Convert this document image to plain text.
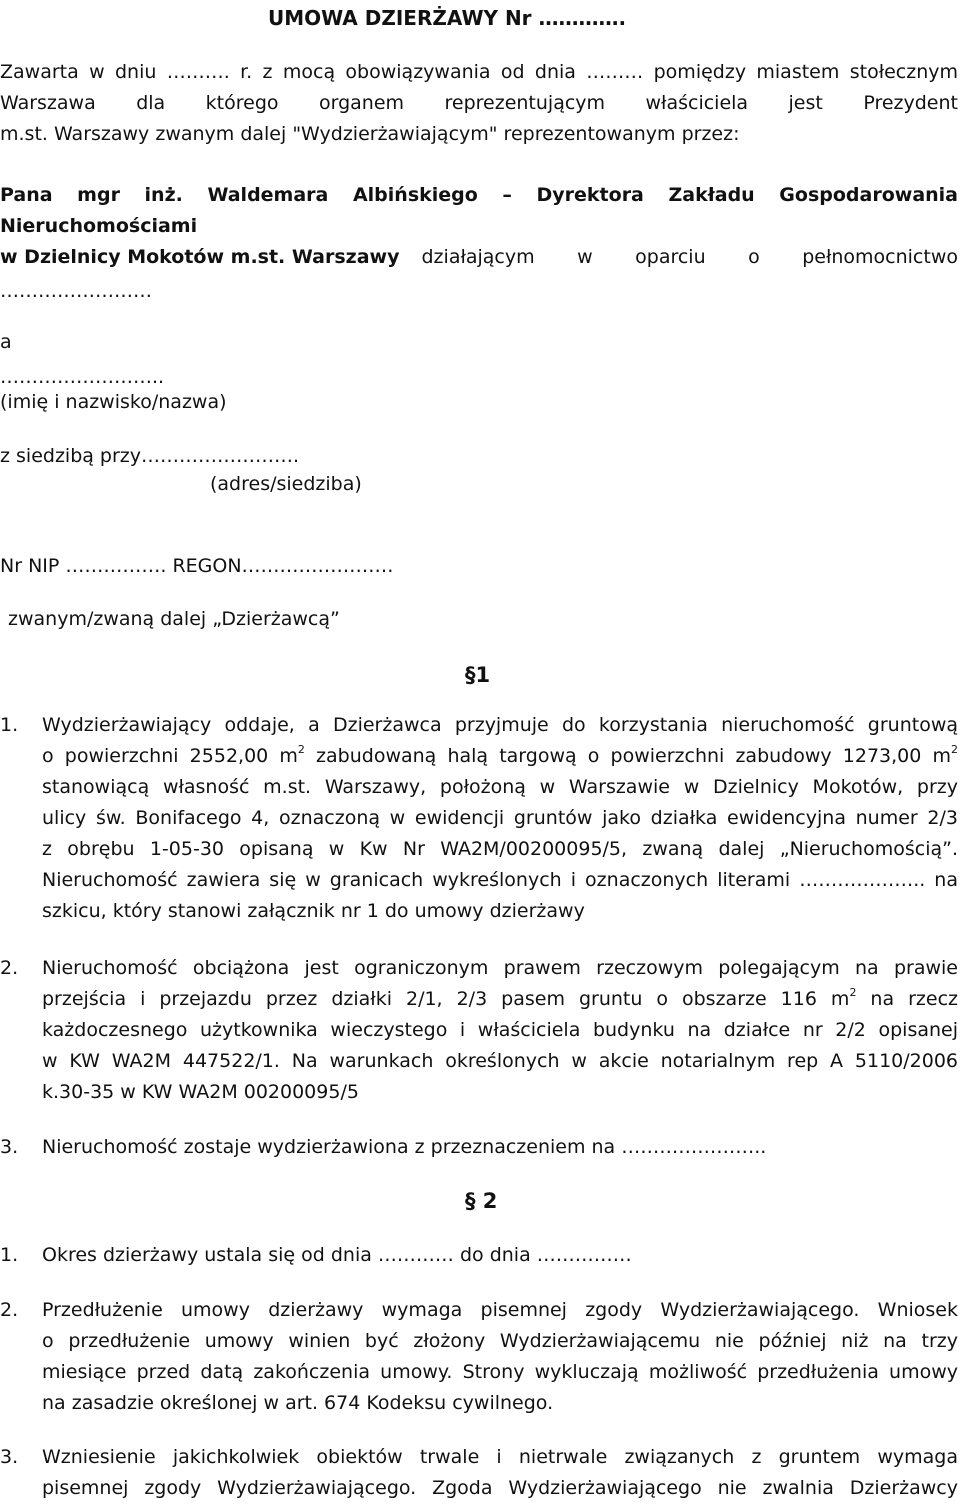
UMOWA DZIERŻAWY Nr ………….
Zawarta w dniu ………. r. z mocą obowiązywania od dnia ……… pomiędzy miastem stołecznym
Warszawa dla którego organem reprezentującym właściciela jest Prezydent
m.st. Warszawy zwanym dalej "Wydzierżawiającym" reprezentowanym przez:
Pana mgr inż. Waldemara Albińskiego – Dyrektora Zakładu Gospodarowania
Nieruchomościami
w Dzielnicy Mokotów m.st. Warszawy działającym w oparciu o pełnomocnictwo
……………………
a
……………………..
(imię i nazwisko/nazwa)
z siedzibą przy…………………….
(adres/siedziba)
Nr NIP ……………. REGON……………………
zwanym/zwaną dalej „Dzierżawcą”
§1
1. Wydzierżawiający oddaje, a Dzierżawca przyjmuje do korzystania nieruchomość gruntową
o powierzchni 2552,00 $m^2$ zabudowaną halą targową o powierzchni zabudowy 1273,00 $m^2$
stanowiącą własność m.st. Warszawy, położoną w Warszawie w Dzielnicy Mokotów, przy
ulicy św. Bonifacego 4, oznaczoną w ewidencji gruntów jako działka ewidencyjna numer 2/3
z obrębu 1-05-30 opisaną w Kw Nr WA2M/00200095/5, zwaną dalej „Nieruchomością”.
Nieruchomość zawiera się w granicach wykreślonych i oznaczonych literami ……………….. na
szkicu, który stanowi załącznik nr 1 do umowy dzierżawy
2. Nieruchomość obciążona jest ograniczonym prawem rzeczowym polegającym na prawie
przejścia i przejazdu przez działki 2/1, 2/3 pasem gruntu o obszarze 116 $m^2$ na rzecz
każdoczesnego użytkownika wieczystego i właściciela budynku na działce nr 2/2 opisanej
w KW WA2M 447522/1. Na warunkach określonych w akcie notarialnym rep A 5110/2006
k.30-35 w KW WA2M 00200095/5
3. Nieruchomość zostaje wydzierżawiona z przeznaczeniem na …………………..
§ 2
1. Okres dzierżawy ustala się od dnia ………… do dnia ……………
2. Przedłużenie umowy dzierżawy wymaga pisemnej zgody Wydzierżawiającego. Wniosek
o przedłużenie umowy winien być złożony Wydzierżawiającemu nie później niż na trzy
miesiące przed datą zakończenia umowy. Strony wykluczają możliwość przedłużenia umowy
na zasadzie określonej w art. 674 Kodeksu cywilnego.
3. Wzniesienie jakichkolwiek obiektów trwale i nietrwale związanych z gruntem wymaga
pisemnej zgody Wydzierżawiającego. Zgoda Wydzierżawiającego nie zwalnia Dzierżawcy
